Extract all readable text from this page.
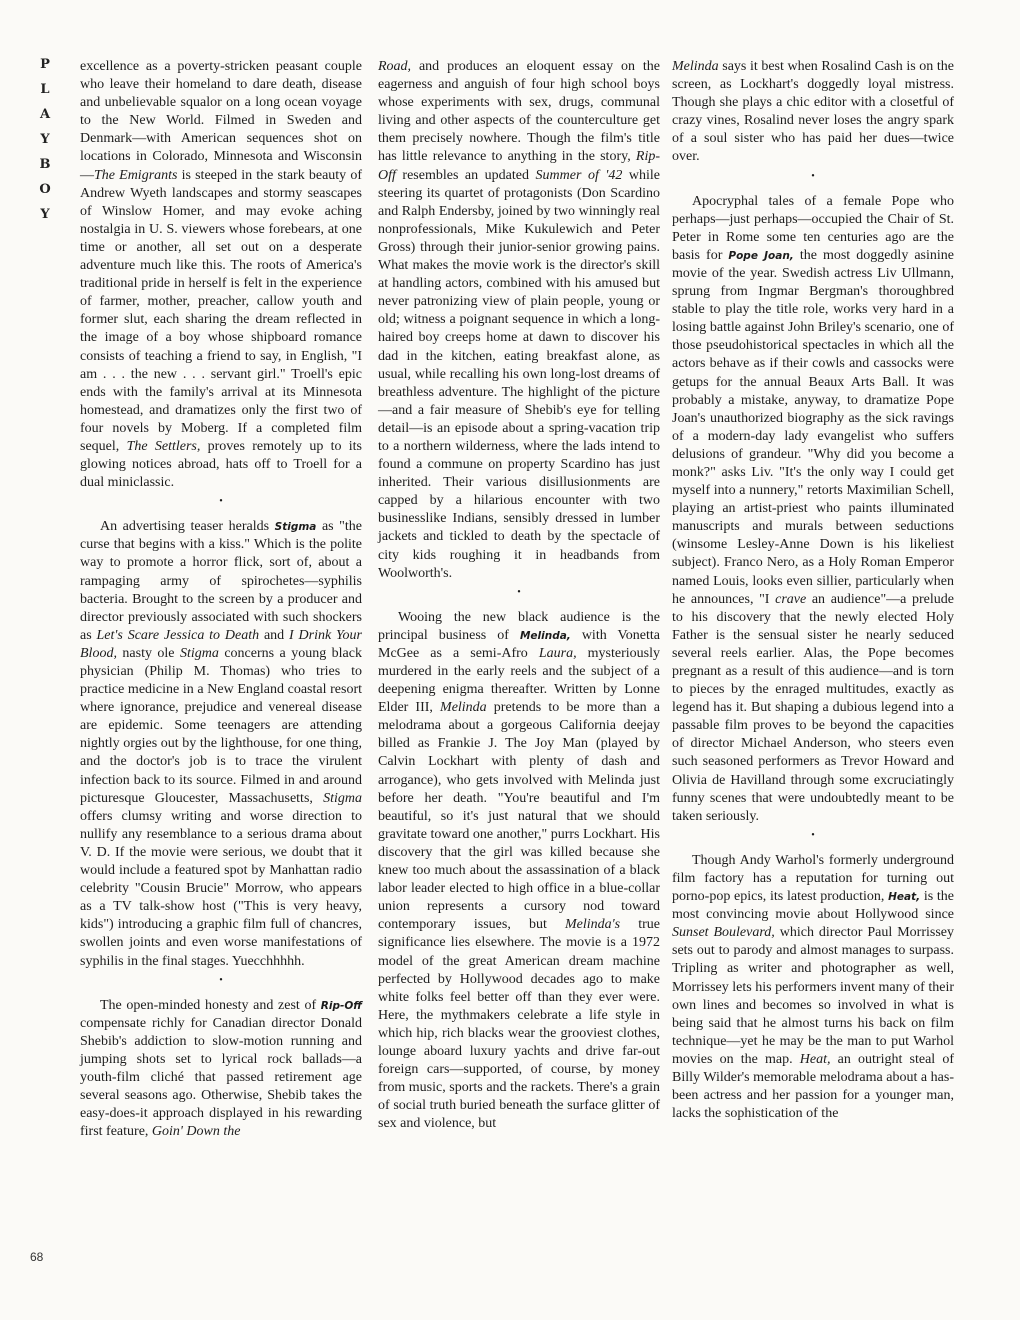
P
L
A
Y
B
O
Y

excellence as a poverty-stricken peasant couple who leave their homeland to dare death, disease and unbelievable squalor on a long ocean voyage to the New World. Filmed in Sweden and Denmark—with American sequences shot on locations in Colorado, Minnesota and Wisconsin—The Emigrants is steeped in the stark beauty of Andrew Wyeth landscapes and stormy seascapes of Winslow Homer, and may evoke aching nostalgia in U. S. viewers whose forebears, at one time or another, all set out on a desperate adventure much like this. The roots of America's traditional pride in herself is felt in the experience of farmer, mother, preacher, callow youth and former slut, each sharing the dream reflected in the image of a boy whose shipboard romance consists of teaching a friend to say, in English, "I am . . . the new . . . servant girl." Troell's epic ends with the family's arrival at its Minnesota homestead, and dramatizes only the first two of four novels by Moberg. If a completed film sequel, The Settlers, proves remotely up to its glowing notices abroad, hats off to Troell for a dual miniclassic.

•

An advertising teaser heralds Stigma as "the curse that begins with a kiss." Which is the polite way to promote a horror flick, sort of, about a rampaging army of spirochetes—syphilis bacteria. Brought to the screen by a producer and director previously associated with such shockers as Let's Scare Jessica to Death and I Drink Your Blood, nasty ole Stigma concerns a young black physician (Philip M. Thomas) who tries to practice medicine in a New England coastal resort where ignorance, prejudice and venereal disease are epidemic. Some teenagers are attending nightly orgies out by the lighthouse, for one thing, and the doctor's job is to trace the virulent infection back to its source. Filmed in and around picturesque Gloucester, Massachusetts, Stigma offers clumsy writing and worse direction to nullify any resemblance to a serious drama about V. D. If the movie were serious, we doubt that it would include a featured spot by Manhattan radio celebrity "Cousin Brucie" Morrow, who appears as a TV talk-show host ("This is very heavy, kids") introducing a graphic film full of chancres, swollen joints and even worse manifestations of syphilis in the final stages. Yuecchhhhh.

•

The open-minded honesty and zest of Rip-Off compensate richly for Canadian director Donald Shebib's addiction to slow-motion running and jumping shots set to lyrical rock ballads—a youth-film cliché that passed retirement age several seasons ago. Otherwise, Shebib takes the easy-does-it approach displayed in his rewarding first feature, Goin' Down the

Road, and produces an eloquent essay on the eagerness and anguish of four high school boys whose experiments with sex, drugs, communal living and other aspects of the counterculture get them precisely nowhere. Though the film's title has little relevance to anything in the story, Rip-Off resembles an updated Summer of '42 while steering its quartet of protagonists (Don Scardino and Ralph Endersby, joined by two winningly real nonprofessionals, Mike Kukulewich and Peter Gross) through their junior-senior growing pains. What makes the movie work is the director's skill at handling actors, combined with his amused but never patronizing view of plain people, young or old; witness a poignant sequence in which a long-haired boy creeps home at dawn to discover his dad in the kitchen, eating breakfast alone, as usual, while recalling his own long-lost dreams of breathless adventure. The highlight of the picture—and a fair measure of Shebib's eye for telling detail—is an episode about a spring-vacation trip to a northern wilderness, where the lads intend to found a commune on property Scardino has just inherited. Their various disillusionments are capped by a hilarious encounter with two businesslike Indians, sensibly dressed in lumber jackets and tickled to death by the spectacle of city kids roughing it in headbands from Woolworth's.

•

Wooing the new black audience is the principal business of Melinda, with Vonetta McGee as a semi-Afro Laura, mysteriously murdered in the early reels and the subject of a deepening enigma thereafter. Written by Lonne Elder III, Melinda pretends to be more than a melodrama about a gorgeous California deejay billed as Frankie J. The Joy Man (played by Calvin Lockhart with plenty of dash and arrogance), who gets involved with Melinda just before her death. "You're beautiful and I'm beautiful, so it's just natural that we should gravitate toward one another," purrs Lockhart. His discovery that the girl was killed because she knew too much about the assassination of a black labor leader elected to high office in a blue-collar union represents a cursory nod toward contemporary issues, but Melinda's true significance lies elsewhere. The movie is a 1972 model of the great American dream machine perfected by Hollywood decades ago to make white folks feel better off than they ever were. Here, the mythmakers celebrate a life style in which hip, rich blacks wear the grooviest clothes, lounge aboard luxury yachts and drive far-out foreign cars—supported, of course, by money from music, sports and the rackets. There's a grain of social truth buried beneath the surface glitter of sex and violence, but

Melinda says it best when Rosalind Cash is on the screen, as Lockhart's doggedly loyal mistress. Though she plays a chic editor with a closetful of crazy vines, Rosalind never loses the angry spark of a soul sister who has paid her dues—twice over.

•

Apocryphal tales of a female Pope who perhaps—just perhaps—occupied the Chair of St. Peter in Rome some ten centuries ago are the basis for Pope Joan, the most doggedly asinine movie of the year. Swedish actress Liv Ullmann, sprung from Ingmar Bergman's thoroughbred stable to play the title role, works very hard in a losing battle against John Briley's scenario, one of those pseudohistorical spectacles in which all the actors behave as if their cowls and cassocks were getups for the annual Beaux Arts Ball. It was probably a mistake, anyway, to dramatize Pope Joan's unauthorized biography as the sick ravings of a modern-day lady evangelist who suffers delusions of grandeur. "Why did you become a monk?" asks Liv. "It's the only way I could get myself into a nunnery," retorts Maximilian Schell, playing an artist-priest who paints illuminated manuscripts and murals between seductions (winsome Lesley-Anne Down is his likeliest subject). Franco Nero, as a Holy Roman Emperor named Louis, looks even sillier, particularly when he announces, "I crave an audience"—a prelude to his discovery that the newly elected Holy Father is the sensual sister he nearly seduced several reels earlier. Alas, the Pope becomes pregnant as a result of this audience—and is torn to pieces by the enraged multitudes, exactly as legend has it. But shaping a dubious legend into a passable film proves to be beyond the capacities of director Michael Anderson, who steers even such seasoned performers as Trevor Howard and Olivia de Havilland through some excruciatingly funny scenes that were undoubtedly meant to be taken seriously.

•

Though Andy Warhol's formerly underground film factory has a reputation for turning out porno-pop epics, its latest production, Heat, is the most convincing movie about Hollywood since Sunset Boulevard, which director Paul Morrissey sets out to parody and almost manages to surpass. Tripling as writer and photographer as well, Morrissey lets his performers invent many of their own lines and becomes so involved in what is being said that he almost turns his back on film technique—yet he may be the man to put Warhol movies on the map. Heat, an outright steal of Billy Wilder's memorable melodrama about a has-been actress and her passion for a younger man, lacks the sophistication of the

68
